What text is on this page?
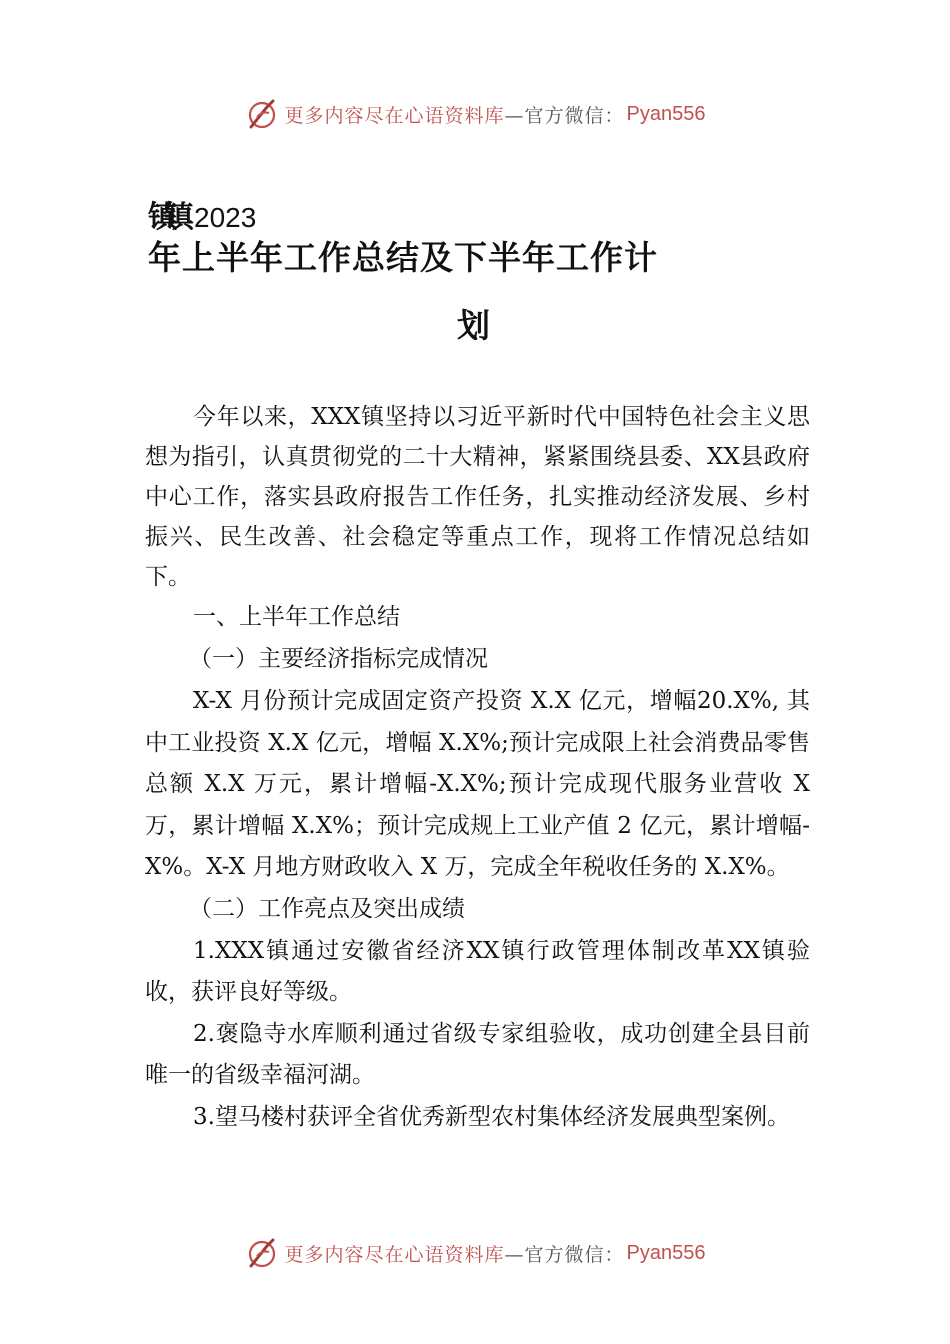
更多内容尽在心语资料库 —官方微信： Pyan556
镇镇 2023
年上半年工作总结及下半年工作计
划

今年以来，XXX镇坚持以习近平新时代中国特色社会主义思想为指引，认真贯彻党的二十大精神，紧紧围绕县委、XX县政府中心工作，落实县政府报告工作任务，扎实推动经济发展、乡村振兴、民生改善、社会稳定等重点工作，现将工作情况总结如下。

一、上半年工作总结

（一）主要经济指标完成情况

X-X 月份预计完成固定资产投资 X.X 亿元，增幅20.X%, 其中工业投资 X.X 亿元，增幅 X.X%;预计完成限上社会消费品零售总额 X.X 万元，累计增幅-X.X%;预计完成现代服务业营收 X 万，累计增幅 X.X%；预计完成规上工业产值 2 亿元，累计增幅-X%。X-X 月地方财政收入 X 万，完成全年税收任务的 X.X%。

（二）工作亮点及突出成绩

1.XXX镇通过安徽省经济XX镇行政管理体制改革XX镇验收，获评良好等级。

2.褒隐寺水库顺利通过省级专家组验收，成功创建全县目前唯一的省级幸福河湖。

3.望马楼村获评全省优秀新型农村集体经济发展典型案例。

更多内容尽在心语资料库 —官方微信： Pyan556
